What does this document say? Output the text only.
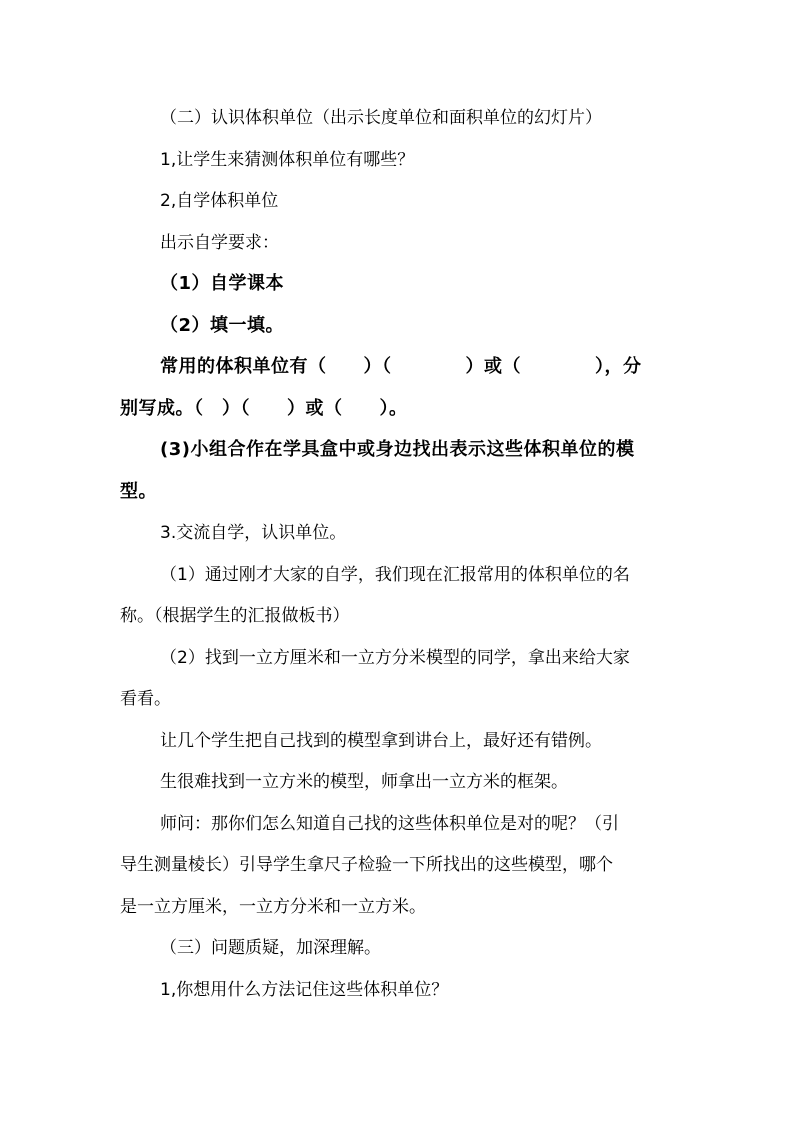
（二）认识体积单位（出示长度单位和面积单位的幻灯片）
1,让学生来猜测体积单位有哪些？
2,自学体积单位
出示自学要求：
（1）自学课本
（2）填一填。
常用的体积单位有（　　）（　　　　）或（　　　　），分
别写成。（　）（　　）或（　　）。
(3)小组合作在学具盒中或身边找出表示这些体积单位的模
型。
3.交流自学，认识单位。
（1）通过刚才大家的自学，我们现在汇报常用的体积单位的名
称。（根据学生的汇报做板书）
（2）找到一立方厘米和一立方分米模型的同学，拿出来给大家
看看。
让几个学生把自己找到的模型拿到讲台上，最好还有错例。
生很难找到一立方米的模型，师拿出一立方米的框架。
师问：那你们怎么知道自己找的这些体积单位是对的呢？（引
导生测量棱长）引导学生拿尺子检验一下所找出的这些模型，哪个
是一立方厘米，一立方分米和一立方米。
（三）问题质疑，加深理解。
1,你想用什么方法记住这些体积单位？
